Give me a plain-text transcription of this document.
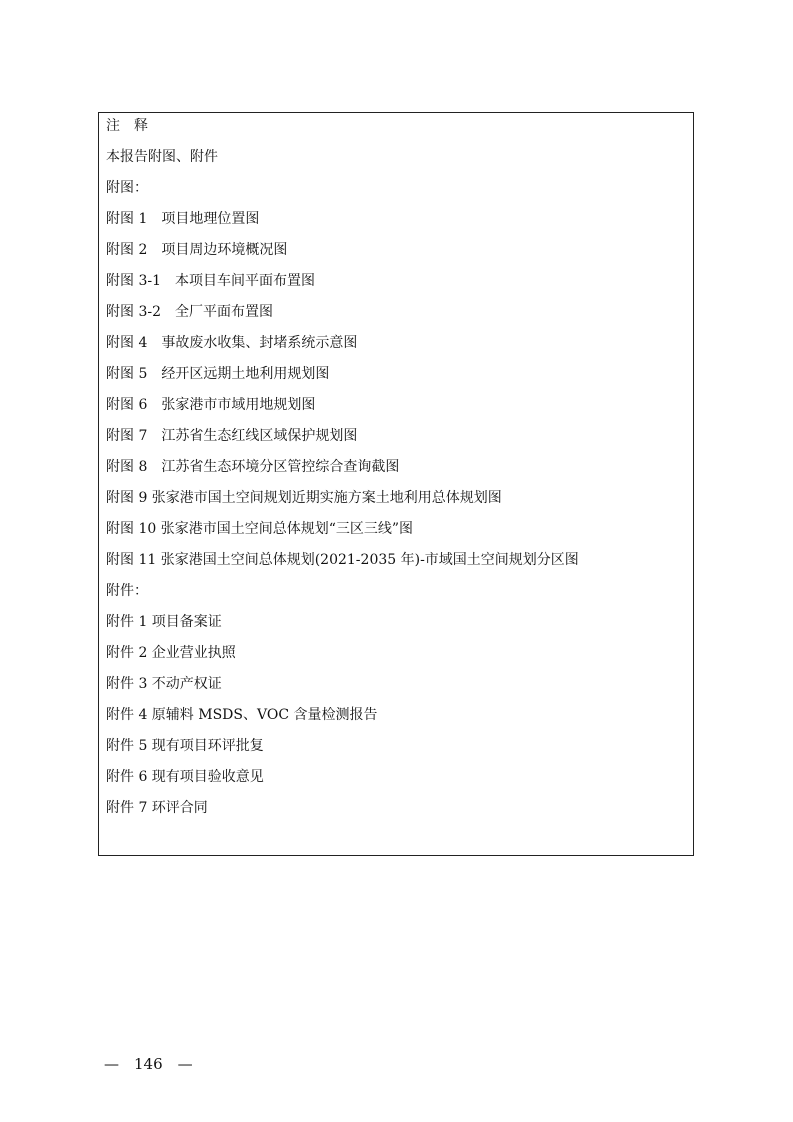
注　释
本报告附图、附件
附图：
附图 1　项目地理位置图
附图 2　项目周边环境概况图
附图 3-1　本项目车间平面布置图
附图 3-2　全厂平面布置图
附图 4　事故废水收集、封堵系统示意图
附图 5　经开区远期土地利用规划图
附图 6　张家港市市域用地规划图
附图 7　江苏省生态红线区域保护规划图
附图 8　江苏省生态环境分区管控综合查询截图
附图 9 张家港市国土空间规划近期实施方案土地利用总体规划图
附图 10 张家港市国土空间总体规划“三区三线”图
附图 11 张家港国土空间总体规划(2021-2035 年)-市域国土空间规划分区图
附件：
附件 1 项目备案证
附件 2 企业营业执照
附件 3 不动产权证
附件 4 原辅料 MSDS、VOC 含量检测报告
附件 5 现有项目环评批复
附件 6 现有项目验收意见
附件 7 环评合同
—　146　—
